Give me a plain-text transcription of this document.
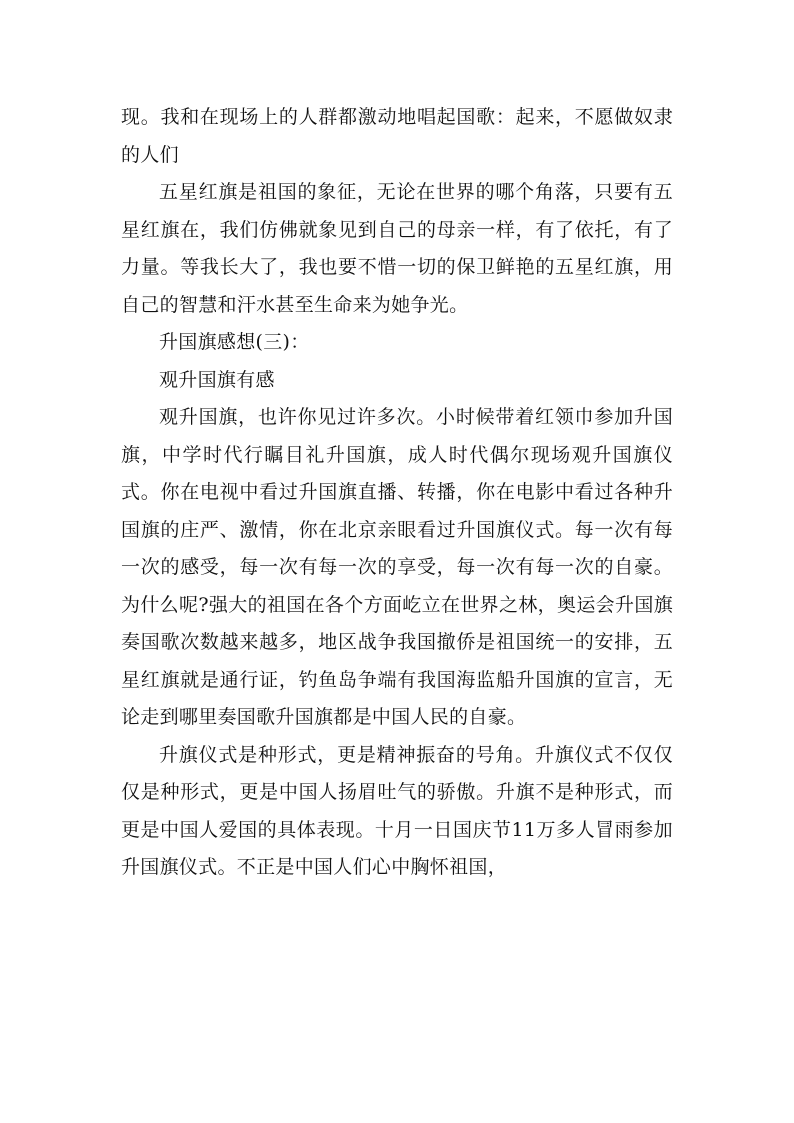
现。我和在现场上的人群都激动地唱起国歌：起来，不愿做奴隶的人们

五星红旗是祖国的象征，无论在世界的哪个角落，只要有五星红旗在，我们仿佛就象见到自己的母亲一样，有了依托，有了力量。等我长大了，我也要不惜一切的保卫鲜艳的五星红旗，用自己的智慧和汗水甚至生命来为她争光。

升国旗感想(三)：

观升国旗有感

观升国旗，也许你见过许多次。小时候带着红领巾参加升国旗，中学时代行瞩目礼升国旗，成人时代偶尔现场观升国旗仪式。你在电视中看过升国旗直播、转播，你在电影中看过各种升国旗的庄严、激情，你在北京亲眼看过升国旗仪式。每一次有每一次的感受，每一次有每一次的享受，每一次有每一次的自豪。为什么呢?强大的祖国在各个方面屹立在世界之林，奥运会升国旗奏国歌次数越来越多，地区战争我国撤侨是祖国统一的安排，五星红旗就是通行证，钓鱼岛争端有我国海监船升国旗的宣言，无论走到哪里奏国歌升国旗都是中国人民的自豪。

升旗仪式是种形式，更是精神振奋的号角。升旗仪式不仅仅仅是种形式，更是中国人扬眉吐气的骄傲。升旗不是种形式，而更是中国人爱国的具体表现。十月一日国庆节11万多人冒雨参加升国旗仪式。不正是中国人们心中胸怀祖国，
